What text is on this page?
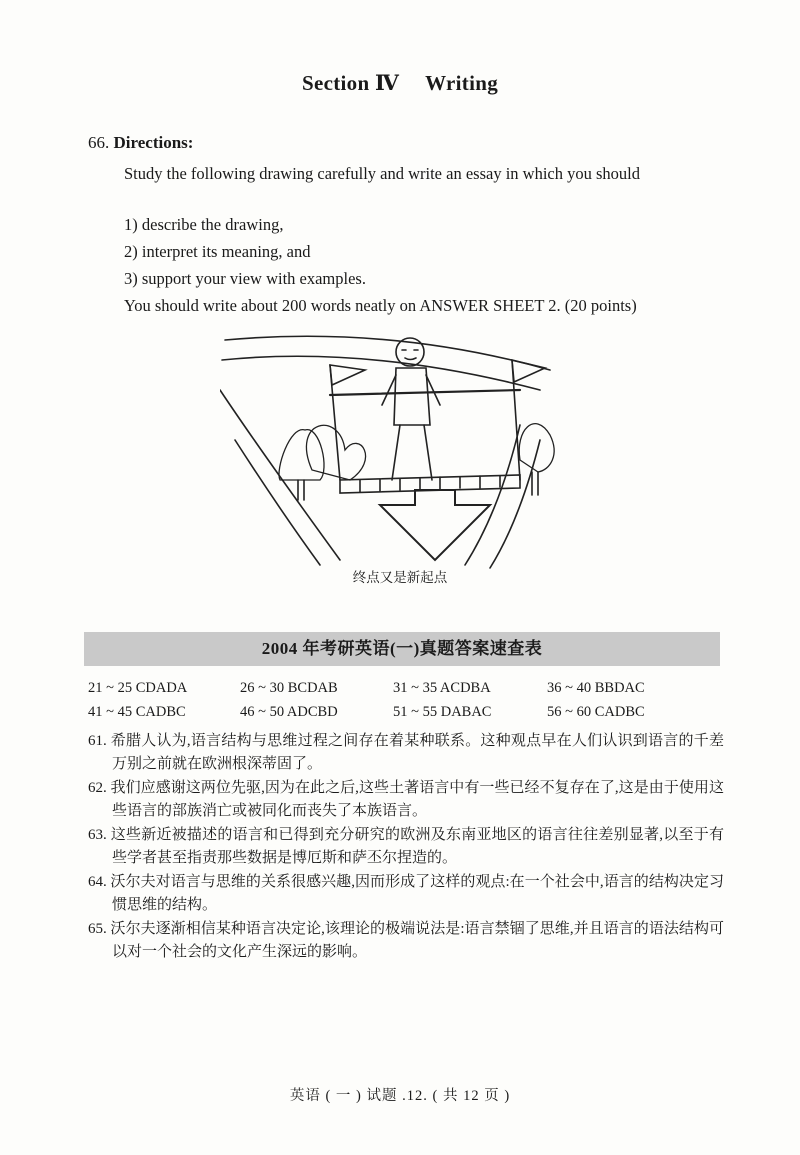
Section Ⅳ Writing
66. Directions:
Study the following drawing carefully and write an essay in which you should
1) describe the drawing,
2) interpret its meaning, and
3) support your view with examples.
You should write about 200 words neatly on ANSWER SHEET 2. (20 points)
终点又是新起点
2004 年考研英语(一)真题答案速查表
21 ~ 25 CDADA	26 ~ 30 BCDAB	31 ~ 35 ACDBA	36 ~ 40 BBDAC
41 ~ 45 CADBC	46 ~ 50 ADCBD	51 ~ 55 DABAC	56 ~ 60 CADBC
61. 希腊人认为,语言结构与思维过程之间存在着某种联系。这种观点早在人们认识到语言的千差万别之前就在欧洲根深蒂固了。
62. 我们应感谢这两位先驱,因为在此之后,这些土著语言中有一些已经不复存在了,这是由于使用这些语言的部族消亡或被同化而丧失了本族语言。
63. 这些新近被描述的语言和已得到充分研究的欧洲及东南亚地区的语言往往差别显著,以至于有些学者甚至指责那些数据是博厄斯和萨丕尔捏造的。
64. 沃尔夫对语言与思维的关系很感兴趣,因而形成了这样的观点:在一个社会中,语言的结构决定习惯思维的结构。
65. 沃尔夫逐渐相信某种语言决定论,该理论的极端说法是:语言禁锢了思维,并且语言的语法结构可以对一个社会的文化产生深远的影响。
英语 ( 一 ) 试题 .12. ( 共 12 页 )
